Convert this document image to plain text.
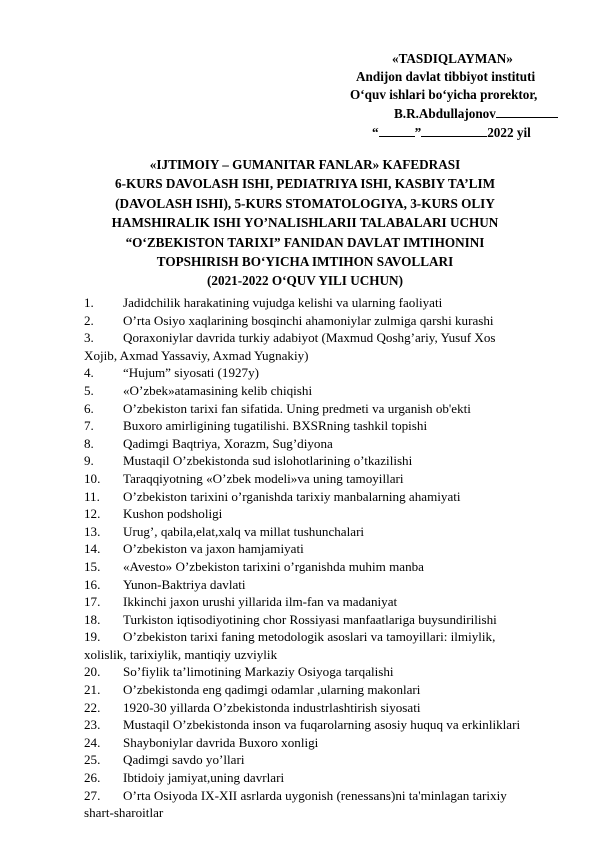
«TASDIQLAYMAN»
Andijon davlat tibbiyot instituti
O‘quv ishlari bo‘yicha prorektor,
B.R.Abdullajonov
“	”	2022 yil
«IJTIMOIY – GUMANITAR FANLAR» KAFEDRASI
6-KURS DAVOLASH ISHI, PEDIATRIYA ISHI, KASBIY TA’LIM
(DAVOLASH ISHI), 5-KURS STOMATOLOGIYA, 3-KURS OLIY
HAMSHIRALIK ISHI YO’NALISHLARII TALABALARI UCHUN
“O‘ZBEKISTON TARIXI” FANIDAN DAVLAT IMTIHONINI
TOPSHIRISH BO‘YICHA IMTIHON SAVOLLARI
(2021-2022 O‘QUV YILI UCHUN)
1. Jadidchilik harakatining vujudga kelishi va ularning faoliyati
2. O’rta Osiyo xaqlarining bosqinchi ahamoniylar zulmiga qarshi kurashi
3. Qoraxoniylar davrida turkiy adabiyot (Maxmud Qoshg’ariy, Yusuf Xos
Xojib, Axmad Yassaviy, Axmad Yugnakiy)
4. “Hujum” siyosati (1927y)
5. «O’zbek»atamasining kelib chiqishi
6. O’zbekiston tarixi fan sifatida. Uning predmeti va urganish ob'ekti
7. Buxoro amirligining tugatilishi. BXSRning tashkil topishi
8. Qadimgi Baqtriya, Xorazm, Sug’diyona
9. Mustaqil O’zbekistonda sud islohotlarining o’tkazilishi
10. Taraqqiyotning «O’zbek modeli»va uning tamoyillari
11. O’zbekiston tarixini o’rganishda tarixiy manbalarning ahamiyati
12. Kushon podsholigi
13. Urug’, qabila,elat,xalq va millat tushunchalari
14. O’zbekiston va jaxon hamjamiyati
15. «Avesto» O’zbekiston tarixini o’rganishda muhim manba
16. Yunon-Baktriya davlati
17. Ikkinchi jaxon urushi yillarida ilm-fan va madaniyat
18. Turkiston iqtisodiyotining chor Rossiyasi manfaatlariga buysundirilishi
19. O’zbekiston tarixi faning metodologik asoslari va tamoyillari: ilmiylik,
xolislik, tarixiylik, mantiqiy uzviylik
20. So’fiylik ta’limotining Markaziy Osiyoga tarqalishi
21. O’zbekistonda eng qadimgi odamlar ,ularning makonlari
22. 1920-30 yillarda O’zbekistonda industrlashtirish siyosati
23. Mustaqil O’zbekistonda inson va fuqarolarning asosiy huquq va erkinliklari
24. Shayboniylar davrida Buxoro xonligi
25. Qadimgi savdo yo’llari
26. Ibtidoiy jamiyat,uning davrlari
27. O’rta Osiyoda IX-XII asrlarda uygonish (renessans)ni ta'minlagan tarixiy
shart-sharoitlar
